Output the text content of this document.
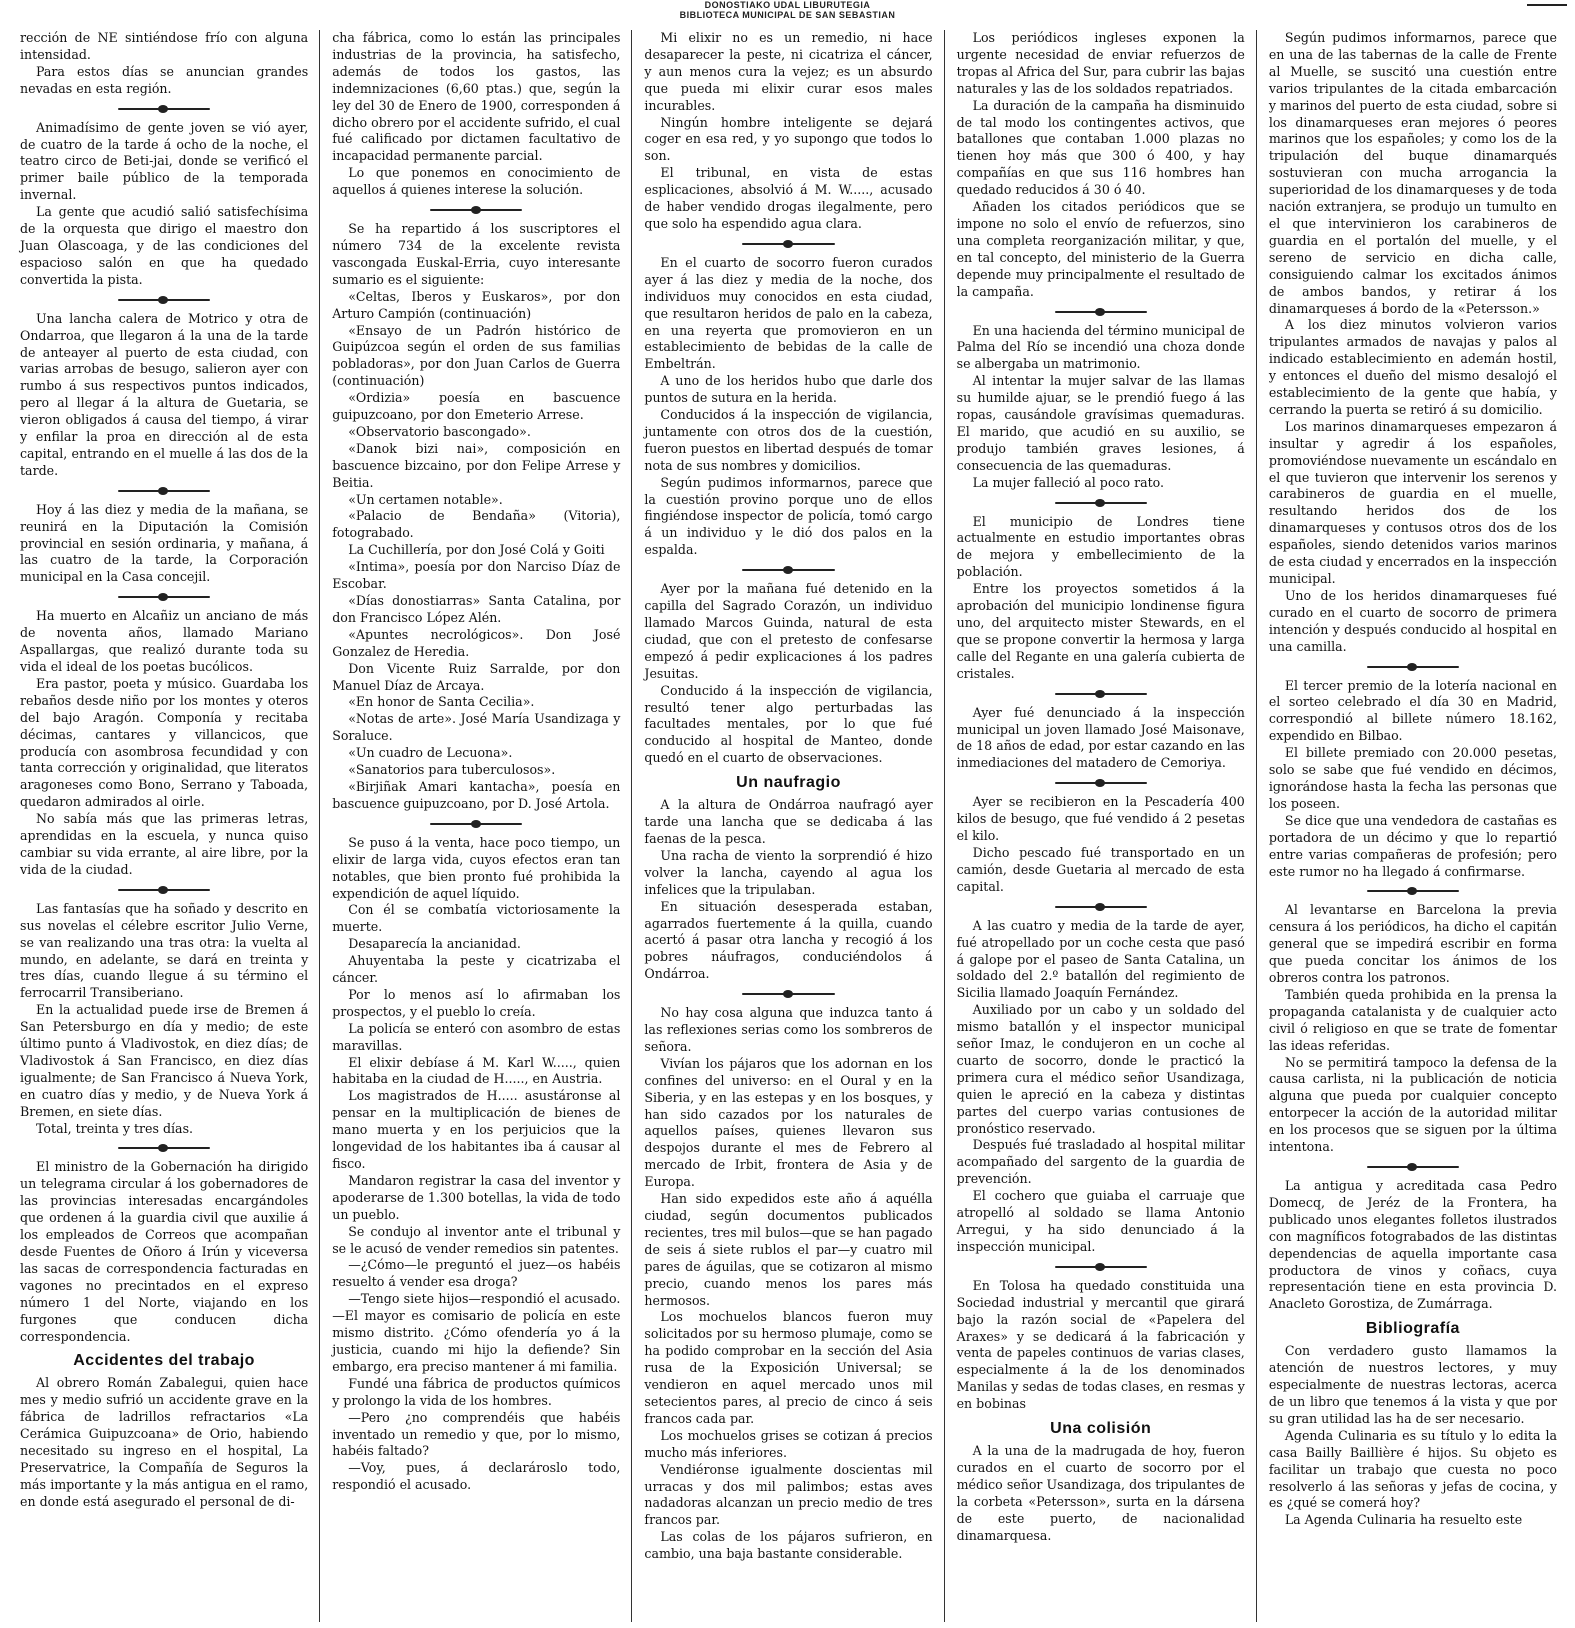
DONOSTIAKO UDAL LIBURUTEGIA
BIBLIOTECA MUNICIPAL DE SAN SEBASTIAN

rección de NE sintiéndose frío con alguna intensidad.

Para estos días se anuncian grandes nevadas en esta región.

Animadísimo de gente joven se vió ayer, de cuatro de la tarde á ocho de la noche, el teatro circo de Beti-jai, donde se verificó el primer baile público de la temporada invernal.

La gente que acudió salió satisfechísima de la orquesta que dirigo el maestro don Juan Olascoaga, y de las condiciones del espacioso salón en que ha quedado convertida la pista.

Una lancha calera de Motrico y otra de Ondarroa, que llegaron á la una de la tarde de anteayer al puerto de esta ciudad, con varias arrobas de besugo, salieron ayer con rumbo á sus respectivos puntos indicados, pero al llegar á la altura de Guetaria, se vieron obligados á causa del tiempo, á virar y enfilar la proa en dirección al de esta capital, entrando en el muelle á las dos de la tarde.

Hoy á las diez y media de la mañana, se reunirá en la Diputación la Comisión provincial en sesión ordinaria, y mañana, á las cuatro de la tarde, la Corporación municipal en la Casa concejil.

Ha muerto en Alcañiz un anciano de más de noventa años, llamado Mariano Aspallargas, que realizó durante toda su vida el ideal de los poetas bucólicos.

Era pastor, poeta y músico. Guardaba los rebaños desde niño por los montes y oteros del bajo Aragón. Componía y recitaba décimas, cantares y villancicos, que producía con asombrosa fecundidad y con tanta corrección y originalidad, que literatos aragoneses como Bono, Serrano y Taboada, quedaron admirados al oirle.

No sabía más que las primeras letras, aprendidas en la escuela, y nunca quiso cambiar su vida errante, al aire libre, por la vida de la ciudad.

Las fantasías que ha soñado y descrito en sus novelas el célebre escritor Julio Verne, se van realizando una tras otra: la vuelta al mundo, en adelante, se dará en treinta y tres días, cuando llegue á su término el ferrocarril Transiberiano.

En la actualidad puede irse de Bremen á San Petersburgo en día y medio; de este último punto á Vladivostok, en diez días; de Vladivostok á San Francisco, en diez días igualmente; de San Francisco á Nueva York, en cuatro días y medio, y de Nueva York á Bremen, en siete días.

Total, treinta y tres días.

El ministro de la Gobernación ha dirigido un telegrama circular á los gobernadores de las provincias interesadas encargándoles que ordenen á la guardia civil que auxilie á los empleados de Correos que acompañan desde Fuentes de Oñoro á Irún y viceversa las sacas de correspondencia facturadas en vagones no precintados en el expreso número 1 del Norte, viajando en los furgones que conducen dicha correspondencia.

Accidentes del trabajo

Al obrero Román Zabalegui, quien hace mes y medio sufrió un accidente grave en la fábrica de ladrillos refractarios «La Cerámica Guipuzcoana» de Orio, habiendo necesitado su ingreso en el hospital, La Preservatrice, la Compañía de Seguros la más importante y la más antigua en el ramo, en donde está asegurado el personal de di-

cha fábrica, como lo están las principales industrias de la provincia, ha satisfecho, además de todos los gastos, las indemnizaciones (6,60 ptas.) que, según la ley del 30 de Enero de 1900, corresponden á dicho obrero por el accidente sufrido, el cual fué calificado por dictamen facultativo de incapacidad permanente parcial.

Lo que ponemos en conocimiento de aquellos á quienes interese la solución.

Se ha repartido á los suscriptores el número 734 de la excelente revista vascongada Euskal-Erria, cuyo interesante sumario es el siguiente:

«Celtas, Iberos y Euskaros», por don Arturo Campión (continuación)

«Ensayo de un Padrón histórico de Guipúzcoa según el orden de sus familias pobladoras», por don Juan Carlos de Guerra (continuación)

«Ordizia» poesía en bascuence guipuzcoano, por don Emeterio Arrese.

«Observatorio bascongado».

«Danok bizi nai», composición en bascuence bizcaino, por don Felipe Arrese y Beitia.

«Un certamen notable».

«Palacio de Bendaña» (Vitoria), fotograbado.

La Cuchillería, por don José Colá y Goiti

«Intima», poesía por don Narciso Díaz de Escobar.

«Días donostiarras» Santa Catalina, por don Francisco López Alén.

«Apuntes necrológicos». Don José Gonzalez de Heredia.

Don Vicente Ruiz Sarralde, por don Manuel Díaz de Arcaya.

«En honor de Santa Cecilia».

«Notas de arte». José María Usandizaga y Soraluce.

«Un cuadro de Lecuona».

«Sanatorios para tuberculosos».

«Birjiñak Amari kantacha», poesía en bascuence guipuzcoano, por D. José Artola.

Se puso á la venta, hace poco tiempo, un elixir de larga vida, cuyos efectos eran tan notables, que bien pronto fué prohibida la expendición de aquel líquido.

Con él se combatía victoriosamente la muerte.

Desaparecía la ancianidad.

Ahuyentaba la peste y cicatrizaba el cáncer.

Por lo menos así lo afirmaban los prospectos, y el pueblo lo creía.

La policía se enteró con asombro de estas maravillas.

El elixir debíase á M. Karl W....., quien habitaba en la ciudad de H....., en Austria.

Los magistrados de H..... asustáronse al pensar en la multiplicación de bienes de mano muerta y en los perjuicios que la longevidad de los habitantes iba á causar al fisco.

Mandaron registrar la casa del inventor y apoderarse de 1.300 botellas, la vida de todo un pueblo.

Se condujo al inventor ante el tribunal y se le acusó de vender remedios sin patentes.

—¿Cómo—le preguntó el juez—os habéis resuelto á vender esa droga?

—Tengo siete hijos—respondió el acusado.—El mayor es comisario de policía en este mismo distrito. ¿Cómo ofendería yo á la justicia, cuando mi hijo la defiende? Sin embargo, era preciso mantener á mi familia.

Fundé una fábrica de productos químicos y prolongo la vida de los hombres.

—Pero ¿no comprendéis que habéis inventado un remedio y que, por lo mismo, habéis faltado?

—Voy, pues, á declarároslo todo, respondió el acusado.

Mi elixir no es un remedio, ni hace desaparecer la peste, ni cicatriza el cáncer, y aun menos cura la vejez; es un absurdo que pueda mi elixir curar esos males incurables.

Ningún hombre inteligente se dejará coger en esa red, y yo supongo que todos lo son.

El tribunal, en vista de estas esplicaciones, absolvió á M. W....., acusado de haber vendido drogas ilegalmente, pero que solo ha espendido agua clara.

En el cuarto de socorro fueron curados ayer á las diez y media de la noche, dos individuos muy conocidos en esta ciudad, que resultaron heridos de palo en la cabeza, en una reyerta que promovieron en un establecimiento de bebidas de la calle de Embeltrán.

A uno de los heridos hubo que darle dos puntos de sutura en la herida.

Conducidos á la inspección de vigilancia, juntamente con otros dos de la cuestión, fueron puestos en libertad después de tomar nota de sus nombres y domicilios.

Según pudimos informarnos, parece que la cuestión provino porque uno de ellos fingiéndose inspector de policía, tomó cargo á un individuo y le dió dos palos en la espalda.

Ayer por la mañana fué detenido en la capilla del Sagrado Corazón, un individuo llamado Marcos Guinda, natural de esta ciudad, que con el pretesto de confesarse empezó á pedir explicaciones á los padres Jesuitas.

Conducido á la inspección de vigilancia, resultó tener algo perturbadas las facultades mentales, por lo que fué conducido al hospital de Manteo, donde quedó en el cuarto de observaciones.

Un naufragio

A la altura de Ondárroa naufragó ayer tarde una lancha que se dedicaba á las faenas de la pesca.

Una racha de viento la sorprendió é hizo volver la lancha, cayendo al agua los infelices que la tripulaban.

En situación desesperada estaban, agarrados fuertemente á la quilla, cuando acertó á pasar otra lancha y recogió á los pobres náufragos, conduciéndolos á Ondárroa.

No hay cosa alguna que induzca tanto á las reflexiones serias como los sombreros de señora.

Vivían los pájaros que los adornan en los confines del universo: en el Oural y en la Siberia, y en las estepas y en los bosques, y han sido cazados por los naturales de aquellos países, quienes llevaron sus despojos durante el mes de Febrero al mercado de Irbit, frontera de Asia y de Europa.

Han sido expedidos este año á aquélla ciudad, según documentos publicados recientes, tres mil bulos—que se han pagado de seis á siete rublos el par—y cuatro mil pares de águilas, que se cotizaron al mismo precio, cuando menos los pares más hermosos.

Los mochuelos blancos fueron muy solicitados por su hermoso plumaje, como se ha podido comprobar en la sección del Asia rusa de la Exposición Universal; se vendieron en aquel mercado unos mil setecientos pares, al precio de cinco á seis francos cada par.

Los mochuelos grises se cotizan á precios mucho más inferiores.

Vendiéronse igualmente doscientas mil urracas y dos mil palimbos; estas aves nadadoras alcanzan un precio medio de tres francos par.

Las colas de los pájaros sufrieron, en cambio, una baja bastante considerable.

Los periódicos ingleses exponen la urgente necesidad de enviar refuerzos de tropas al Africa del Sur, para cubrir las bajas naturales y las de los soldados repatriados.

La duración de la campaña ha disminuido de tal modo los contingentes activos, que batallones que contaban 1.000 plazas no tienen hoy más que 300 ó 400, y hay compañías en que sus 116 hombres han quedado reducidos á 30 ó 40.

Añaden los citados periódicos que se impone no solo el envío de refuerzos, sino una completa reorganización militar, y que, en tal concepto, del ministerio de la Guerra depende muy principalmente el resultado de la campaña.

En una hacienda del término municipal de Palma del Río se incendió una choza donde se albergaba un matrimonio.

Al intentar la mujer salvar de las llamas su humilde ajuar, se le prendió fuego á las ropas, causándole gravísimas quemaduras. El marido, que acudió en su auxilio, se produjo también graves lesiones, á consecuencia de las quemaduras.

La mujer falleció al poco rato.

El municipio de Londres tiene actualmente en estudio importantes obras de mejora y embellecimiento de la población.

Entre los proyectos sometidos á la aprobación del municipio londinense figura uno, del arquitecto mister Stewards, en el que se propone convertir la hermosa y larga calle del Regante en una galería cubierta de cristales.

Ayer fué denunciado á la inspección municipal un joven llamado José Maisonave, de 18 años de edad, por estar cazando en las inmediaciones del matadero de Cemoriya.

Ayer se recibieron en la Pescadería 400 kilos de besugo, que fué vendido á 2 pesetas el kilo.

Dicho pescado fué transportado en un camión, desde Guetaria al mercado de esta capital.

A las cuatro y media de la tarde de ayer, fué atropellado por un coche cesta que pasó á galope por el paseo de Santa Catalina, un soldado del 2.º batallón del regimiento de Sicilia llamado Joaquín Fernández.

Auxiliado por un cabo y un soldado del mismo batallón y el inspector municipal señor Imaz, le condujeron en un coche al cuarto de socorro, donde le practicó la primera cura el médico señor Usandizaga, quien le apreció en la cabeza y distintas partes del cuerpo varias contusiones de pronóstico reservado.

Después fué trasladado al hospital militar acompañado del sargento de la guardia de prevención.

El cochero que guiaba el carruaje que atropelló al soldado se llama Antonio Arregui, y ha sido denunciado á la inspección municipal.

En Tolosa ha quedado constituida una Sociedad industrial y mercantil que girará bajo la razón social de «Papelera del Araxes» y se dedicará á la fabricación y venta de papeles continuos de varias clases, especialmente á la de los denominados Manilas y sedas de todas clases, en resmas y en bobinas

Una colisión

A la una de la madrugada de hoy, fueron curados en el cuarto de socorro por el médico señor Usandizaga, dos tripulantes de la corbeta «Petersson», surta en la dársena de este puerto, de nacionalidad dinamarquesa.

Según pudimos informarnos, parece que en una de las tabernas de la calle de Frente al Muelle, se suscitó una cuestión entre varios tripulantes de la citada embarcación y marinos del puerto de esta ciudad, sobre si los dinamarqueses eran mejores ó peores marinos que los españoles; y como los de la tripulación del buque dinamarqués sostuvieran con mucha arrogancia la superioridad de los dinamarqueses y de toda nación extranjera, se produjo un tumulto en el que intervinieron los carabineros de guardia en el portalón del muelle, y el sereno de servicio en dicha calle, consiguiendo calmar los excitados ánimos de ambos bandos, y retirar á los dinamarqueses á bordo de la «Petersson.»

A los diez minutos volvieron varios tripulantes armados de navajas y palos al indicado establecimiento en ademán hostil, y entonces el dueño del mismo desalojó el establecimiento de la gente que había, y cerrando la puerta se retiró á su domicilio.

Los marinos dinamarqueses empezaron á insultar y agredir á los españoles, promoviéndose nuevamente un escándalo en el que tuvieron que intervenir los serenos y carabineros de guardia en el muelle, resultando heridos dos de los dinamarqueses y contusos otros dos de los españoles, siendo detenidos varios marinos de esta ciudad y encerrados en la inspección municipal.

Uno de los heridos dinamarqueses fué curado en el cuarto de socorro de primera intención y después conducido al hospital en una camilla.

El tercer premio de la lotería nacional en el sorteo celebrado el día 30 en Madrid, correspondió al billete número 18.162, expendido en Bilbao.

El billete premiado con 20.000 pesetas, solo se sabe que fué vendido en décimos, ignorándose hasta la fecha las personas que los poseen.

Se dice que una vendedora de castañas es portadora de un décimo y que lo repartió entre varias compañeras de profesión; pero este rumor no ha llegado á confirmarse.

Al levantarse en Barcelona la previa censura á los periódicos, ha dicho el capitán general que se impedirá escribir en forma que pueda concitar los ánimos de los obreros contra los patronos.

También queda prohibida en la prensa la propaganda catalanista y de cualquier acto civil ó religioso en que se trate de fomentar las ideas referidas.

No se permitirá tampoco la defensa de la causa carlista, ni la publicación de noticia alguna que pueda por cualquier concepto entorpecer la acción de la autoridad militar en los procesos que se siguen por la última intentona.

La antigua y acreditada casa Pedro Domecq, de Jeréz de la Frontera, ha publicado unos elegantes folletos ilustrados con magníficos fotograbados de las distintas dependencias de aquella importante casa productora de vinos y coñacs, cuya representación tiene en esta provincia D. Anacleto Gorostiza, de Zumárraga.

Bibliografía

Con verdadero gusto llamamos la atención de nuestros lectores, y muy especialmente de nuestras lectoras, acerca de un libro que tenemos á la vista y que por su gran utilidad las ha de ser necesario.

Agenda Culinaria es su título y lo edita la casa Bailly Baillière é hijos. Su objeto es facilitar un trabajo que cuesta no poco resolverlo á las señoras y jefas de cocina, y es ¿qué se comerá hoy?

La Agenda Culinaria ha resuelto este
